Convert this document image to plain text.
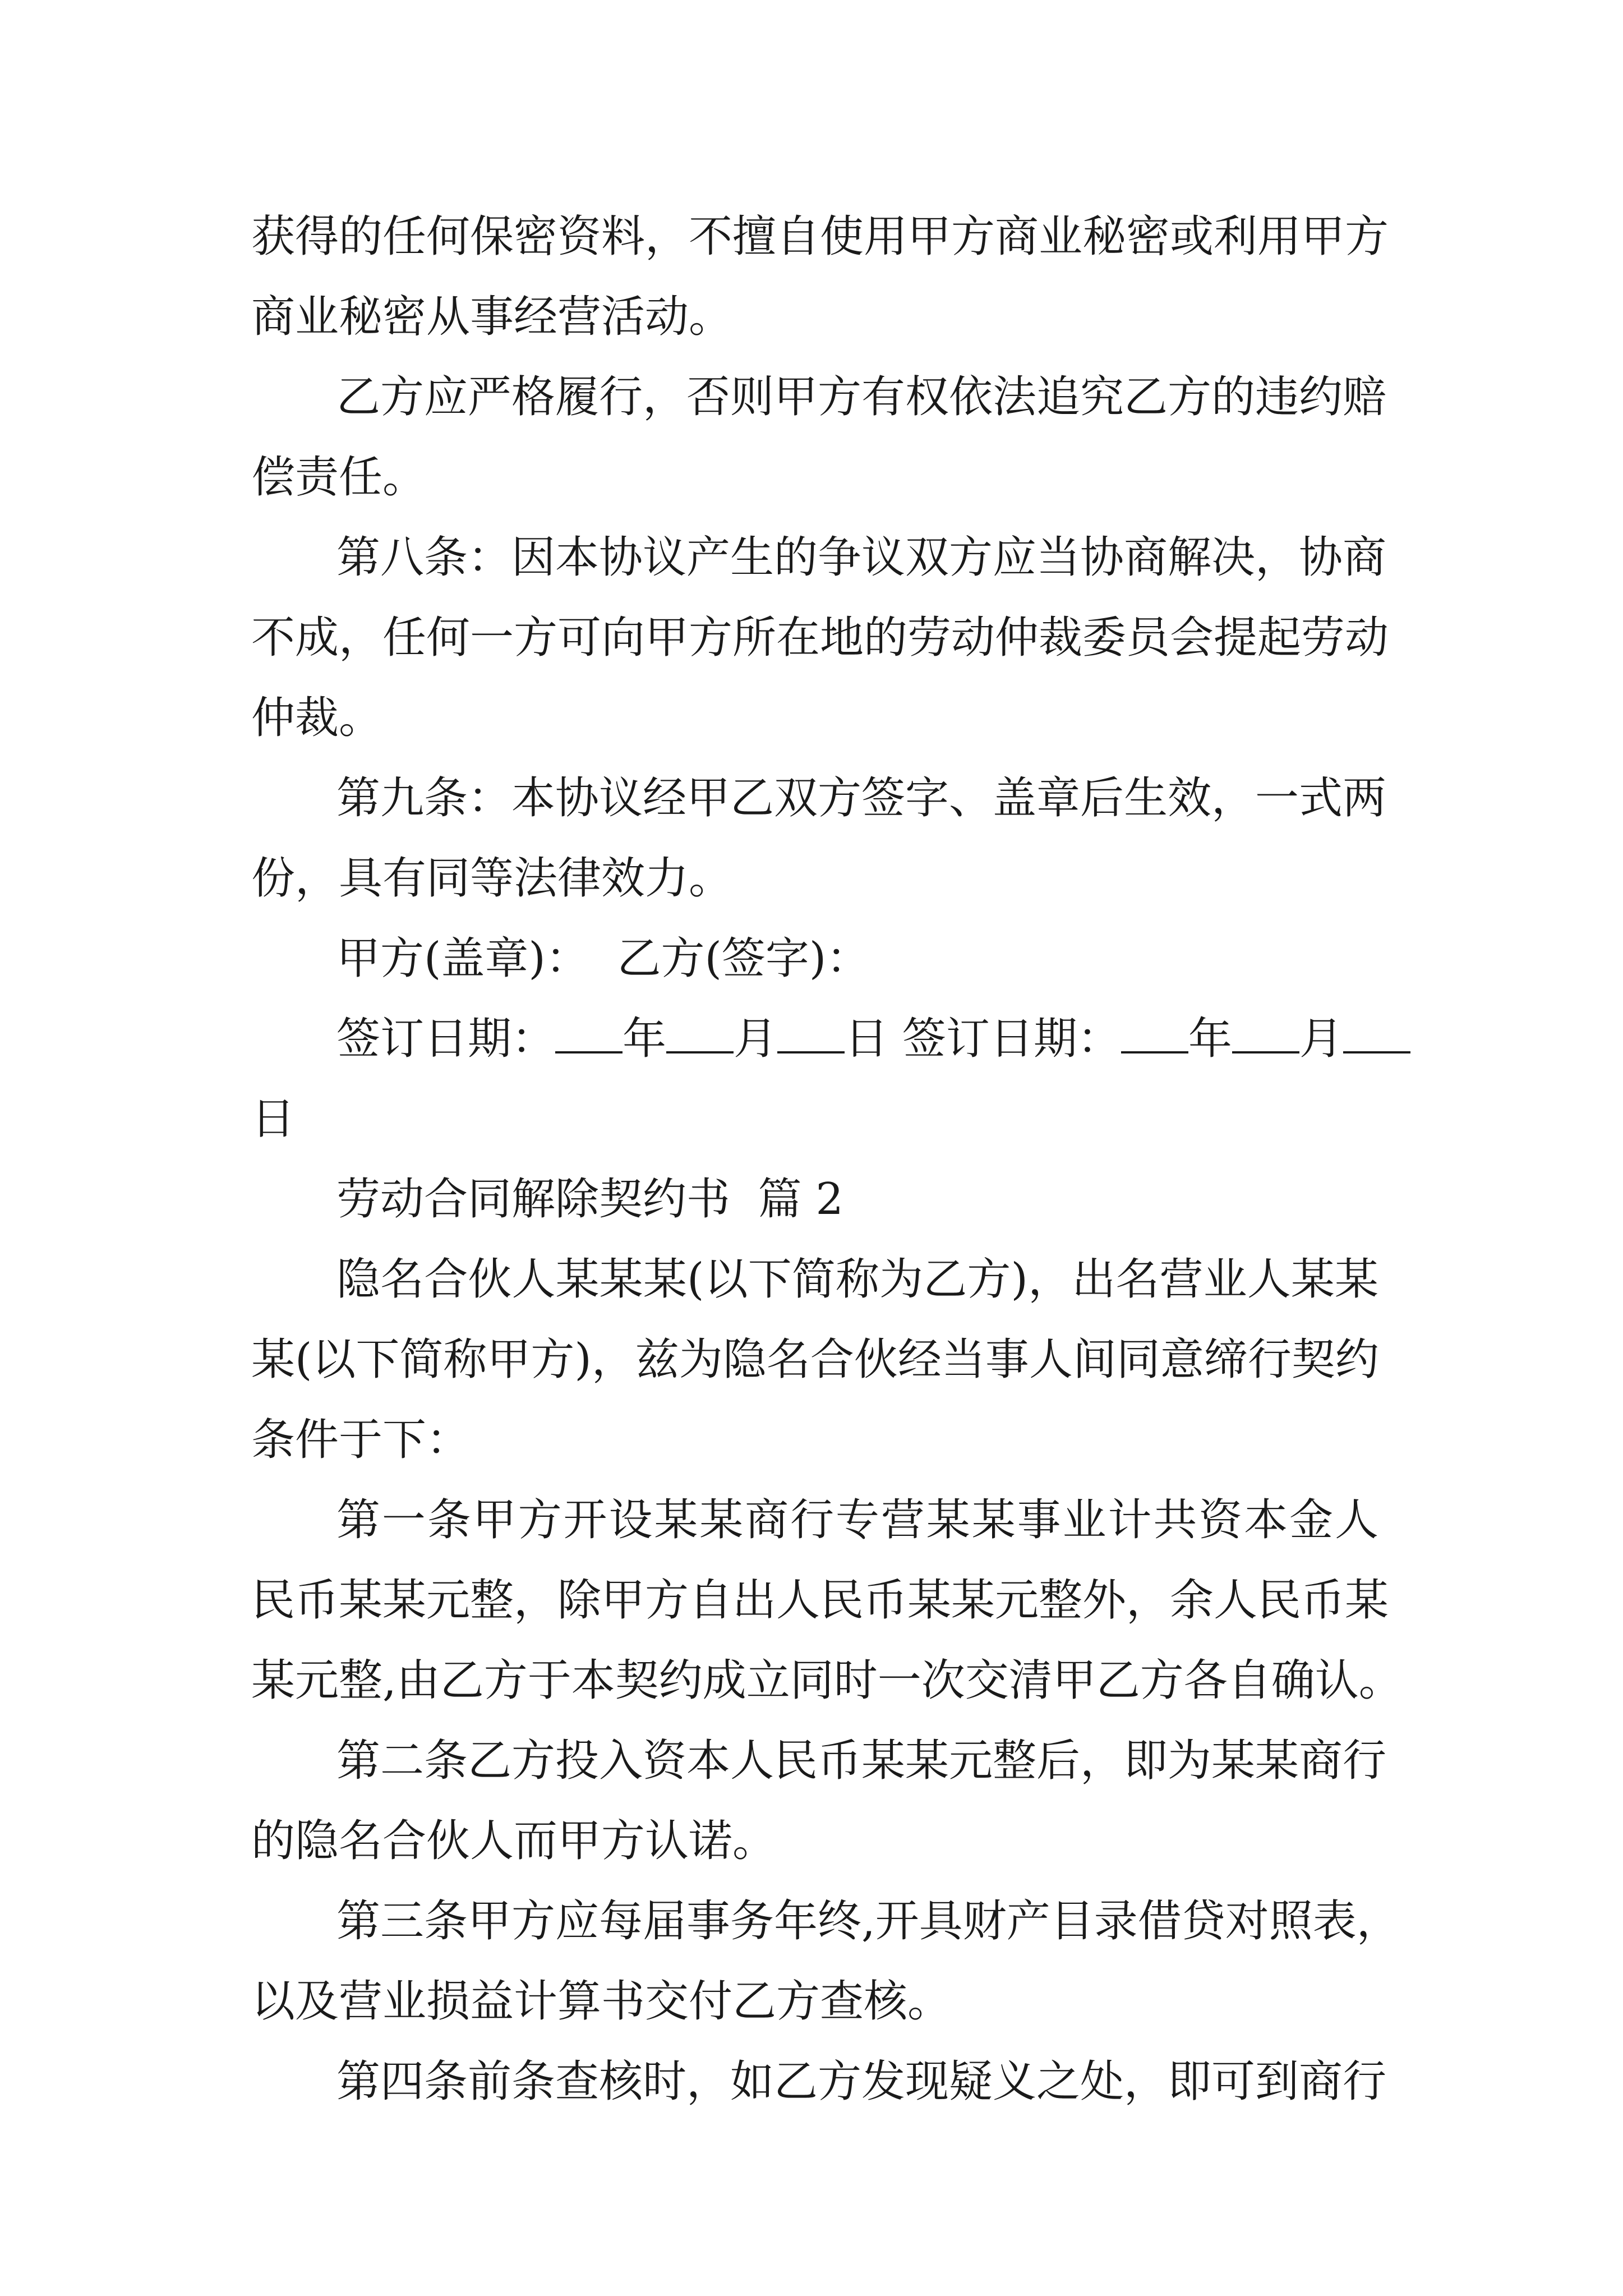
获得的任何保密资料，不擅自使用甲方商业秘密或利用甲方
商业秘密从事经营活动。
乙方应严格履行，否则甲方有权依法追究乙方的违约赔
偿责任。
第八条：因本协议产生的争议双方应当协商解决，协商
不成，任何一方可向甲方所在地的劳动仲裁委员会提起劳动
仲裁。
第九条：本协议经甲乙双方签字、盖章后生效，一式两
份，具有同等法律效力。
甲方(盖章)：  乙方(签字)：
签订日期： 年 月 日 签订日期： 年 月
日
劳动合同解除契约书  篇 2
隐名合伙人某某某(以下简称为乙方)，出名营业人某某
某(以下简称甲方)，兹为隐名合伙经当事人间同意缔行契约
条件于下：
第一条甲方开设某某商行专营某某事业计共资本金人
民币某某元整，除甲方自出人民币某某元整外，余人民币某
某元整,由乙方于本契约成立同时一次交清甲乙方各自确认。
第二条乙方投入资本人民币某某元整后，即为某某商行
的隐名合伙人而甲方认诺。
第三条甲方应每届事务年终,开具财产目录借贷对照表，
以及营业损益计算书交付乙方查核。
第四条前条查核时，如乙方发现疑义之处，即可到商行
